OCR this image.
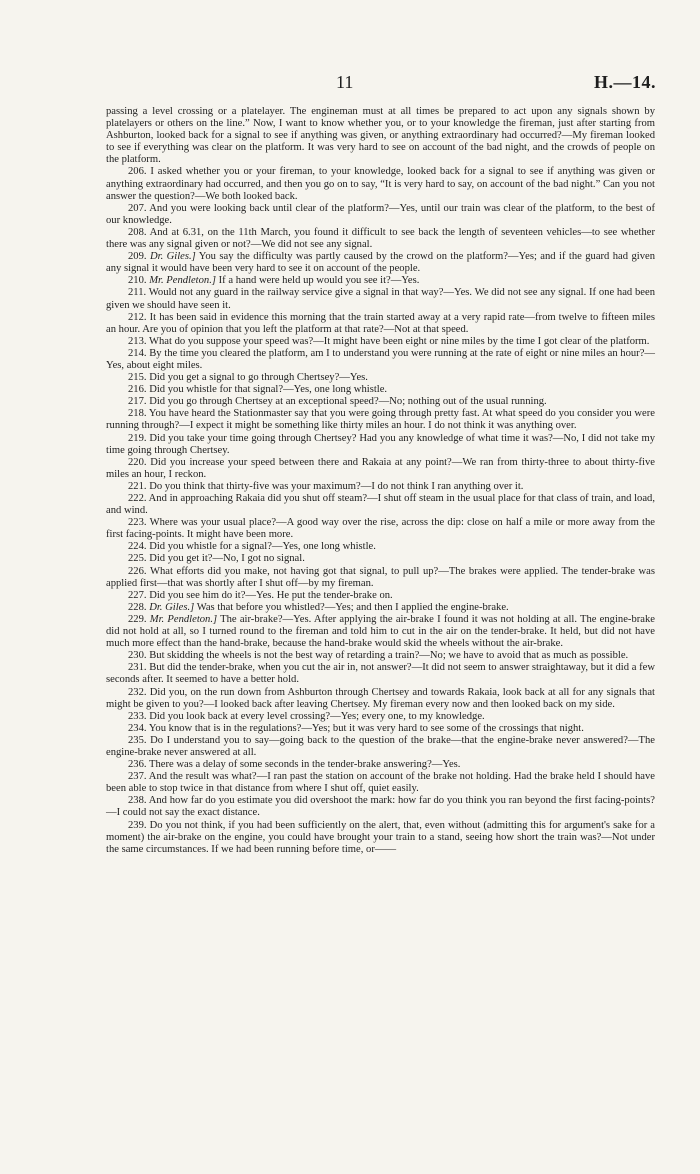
11	H.—14.

passing a level crossing or a platelayer. The engineman must at all times be prepared to act upon any signals shown by platelayers or others on the line.” Now, I want to know whether you, or to your knowledge the fireman, just after starting from Ashburton, looked back for a signal to see if anything was given, or anything extraordinary had occurred?—My fireman looked to see if everything was clear on the platform. It was very hard to see on account of the bad night, and the crowds of people on the platform.

206. I asked whether you or your fireman, to your knowledge, looked back for a signal to see if anything was given or anything extraordinary had occurred, and then you go on to say, “It is very hard to say, on account of the bad night.” Can you not answer the question?—We both looked back.

207. And you were looking back until clear of the platform?—Yes, until our train was clear of the platform, to the best of our knowledge.

208. And at 6.31, on the 11th March, you found it difficult to see back the length of seventeen vehicles—to see whether there was any signal given or not?—We did not see any signal.

209. Dr. Giles.] You say the difficulty was partly caused by the crowd on the platform?—Yes; and if the guard had given any signal it would have been very hard to see it on account of the people.

210. Mr. Pendleton.] If a hand were held up would you see it?—Yes.

211. Would not any guard in the railway service give a signal in that way?—Yes. We did not see any signal. If one had been given we should have seen it.

212. It has been said in evidence this morning that the train started away at a very rapid rate—from twelve to fifteen miles an hour. Are you of opinion that you left the platform at that rate?—Not at that speed.

213. What do you suppose your speed was?—It might have been eight or nine miles by the time I got clear of the platform.

214. By the time you cleared the platform, am I to understand you were running at the rate of eight or nine miles an hour?—Yes, about eight miles.

215. Did you get a signal to go through Chertsey?—Yes.

216. Did you whistle for that signal?—Yes, one long whistle.

217. Did you go through Chertsey at an exceptional speed?—No; nothing out of the usual running.

218. You have heard the Stationmaster say that you were going through pretty fast. At what speed do you consider you were running through?—I expect it might be something like thirty miles an hour. I do not think it was anything over.

219. Did you take your time going through Chertsey? Had you any knowledge of what time it was?—No, I did not take my time going through Chertsey.

220. Did you increase your speed between there and Rakaia at any point?—We ran from thirty-three to about thirty-five miles an hour, I reckon.

221. Do you think that thirty-five was your maximum?—I do not think I ran anything over it.

222. And in approaching Rakaia did you shut off steam?—I shut off steam in the usual place for that class of train, and load, and wind.

223. Where was your usual place?—A good way over the rise, across the dip: close on half a mile or more away from the first facing-points. It might have been more.

224. Did you whistle for a signal?—Yes, one long whistle.

225. Did you get it?—No, I got no signal.

226. What efforts did you make, not having got that signal, to pull up?—The brakes were applied. The tender-brake was applied first—that was shortly after I shut off—by my fireman.

227. Did you see him do it?—Yes. He put the tender-brake on.

228. Dr. Giles.] Was that before you whistled?—Yes; and then I applied the engine-brake.

229. Mr. Pendleton.] The air-brake?—Yes. After applying the air-brake I found it was not holding at all. The engine-brake did not hold at all, so I turned round to the fireman and told him to cut in the air on the tender-brake. It held, but did not have much more effect than the hand-brake, because the hand-brake would skid the wheels without the air-brake.

230. But skidding the wheels is not the best way of retarding a train?—No; we have to avoid that as much as possible.

231. But did the tender-brake, when you cut the air in, not answer?—It did not seem to answer straightaway, but it did a few seconds after. It seemed to have a better hold.

232. Did you, on the run down from Ashburton through Chertsey and towards Rakaia, look back at all for any signals that might be given to you?—I looked back after leaving Chertsey. My fireman every now and then looked back on my side.

233. Did you look back at every level crossing?—Yes; every one, to my knowledge.

234. You know that is in the regulations?—Yes; but it was very hard to see some of the crossings that night.

235. Do I understand you to say—going back to the question of the brake—that the engine-brake never answered?—The engine-brake never answered at all.

236. There was a delay of some seconds in the tender-brake answering?—Yes.

237. And the result was what?—I ran past the station on account of the brake not holding. Had the brake held I should have been able to stop twice in that distance from where I shut off, quiet easily.

238. And how far do you estimate you did overshoot the mark: how far do you think you ran beyond the first facing-points?—I could not say the exact distance.

239. Do you not think, if you had been sufficiently on the alert, that, even without (admitting this for argument's sake for a moment) the air-brake on the engine, you could have brought your train to a stand, seeing how short the train was?—Not under the same circumstances. If we had been running before time, or——
